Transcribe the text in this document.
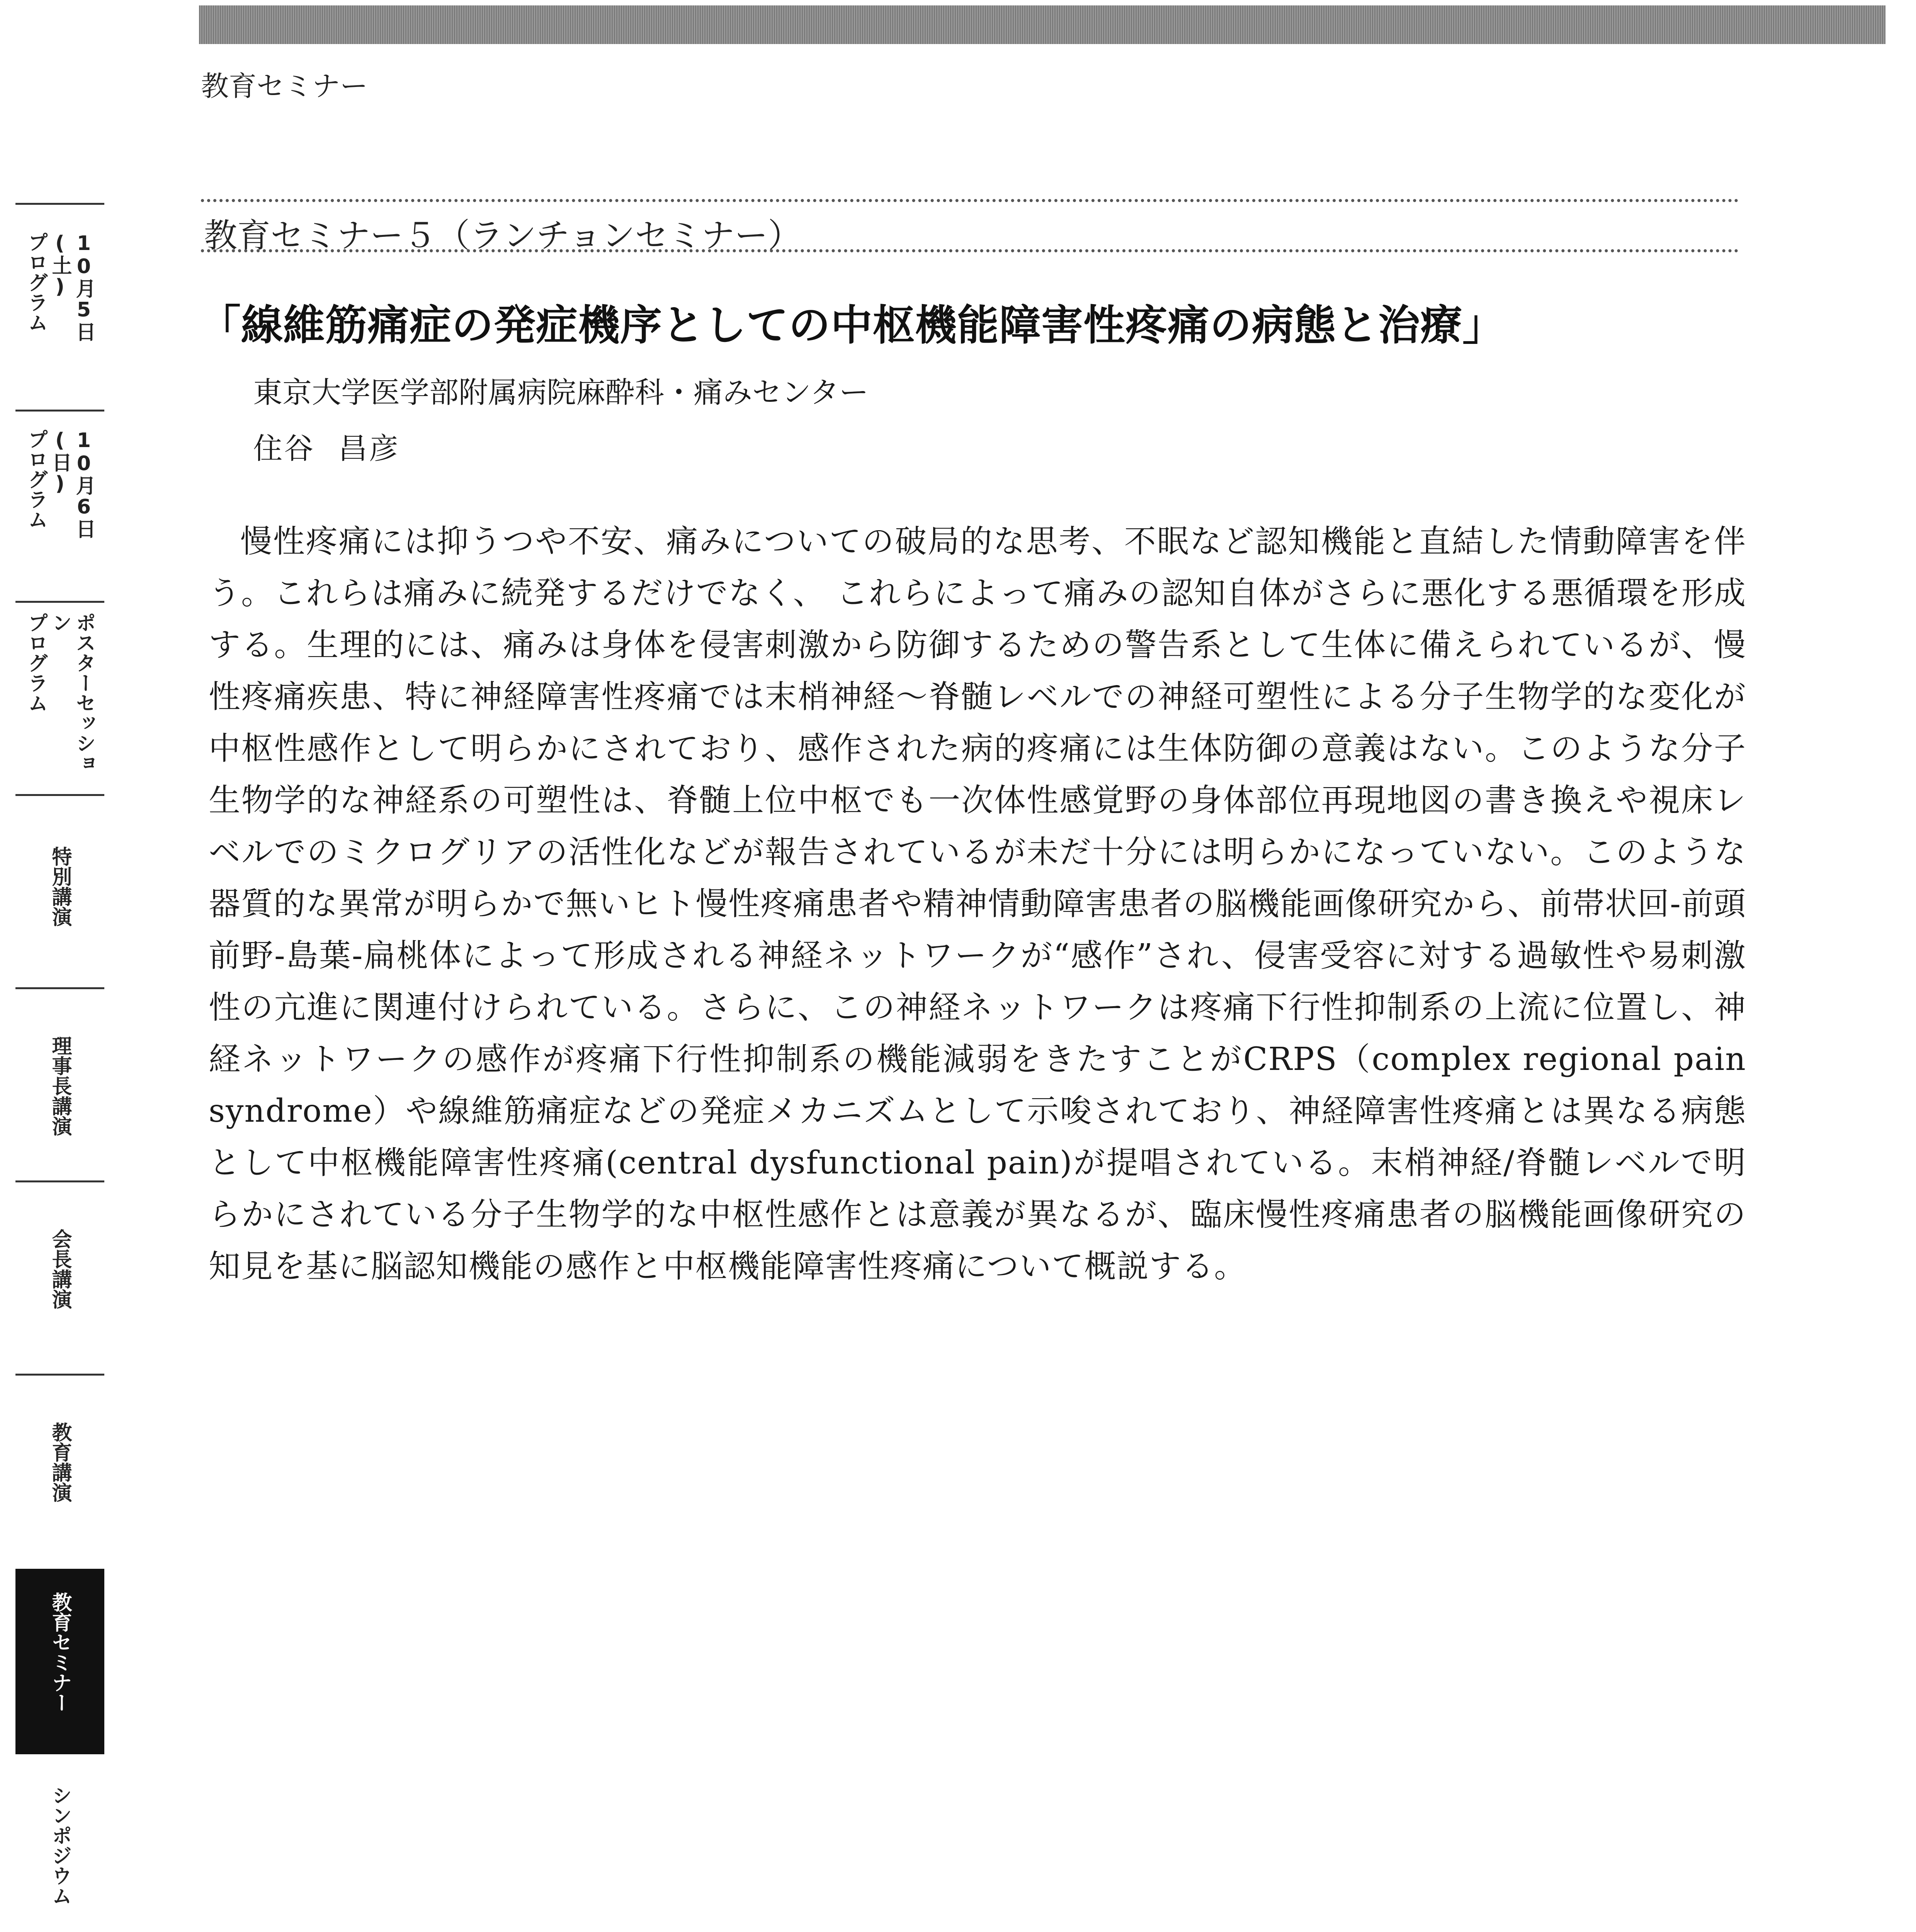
教育セミナー
教育セミナー５（ランチョンセミナー）
「線維筋痛症の発症機序としての中枢機能障害性疼痛の病態と治療」
東京大学医学部附属病院麻酔科・痛みセンター
住谷 昌彦

慢性疼痛には抑うつや不安、痛みについての破局的な思考、不眠など認知機能と直結した情動障害を伴う。これらは痛みに続発するだけでなく、 これらによって痛みの認知自体がさらに悪化する悪循環を形成する。生理的には、痛みは身体を侵害刺激から防御するための警告系として生体に備えられているが、慢性疼痛疾患、特に神経障害性疼痛では末梢神経～脊髄レベルでの神経可塑性による分子生物学的な変化が中枢性感作として明らかにされており、感作された病的疼痛には生体防御の意義はない。このような分子生物学的な神経系の可塑性は、脊髄上位中枢でも一次体性感覚野の身体部位再現地図の書き換えや視床レベルでのミクログリアの活性化などが報告されているが未だ十分には明らかになっていない。このような器質的な異常が明らかで無いヒト慢性疼痛患者や精神情動障害患者の脳機能画像研究から、前帯状回-前頭前野-島葉-扁桃体によって形成される神経ネットワークが“感作”され、侵害受容に対する過敏性や易刺激性の亢進に関連付けられている。さらに、この神経ネットワークは疼痛下行性抑制系の上流に位置し、神経ネットワークの感作が疼痛下行性抑制系の機能減弱をきたすことがCRPS（complex regional pain syndrome）や線維筋痛症などの発症メカニズムとして示唆されており、神経障害性疼痛とは異なる病態として中枢機能障害性疼痛(central dysfunctional pain)が提唱されている。末梢神経/脊髄レベルで明らかにされている分子生物学的な中枢性感作とは意義が異なるが、臨床慢性疼痛患者の脳機能画像研究の知見を基に脳認知機能の感作と中枢機能障害性疼痛について概説する。

10月5日(土)
プログラム
10月6日(日)
プログラム
ポスターセッション
プログラム
特別講演
理事長講演
会長講演
教育講演
教育セミナー
シンポジウム
